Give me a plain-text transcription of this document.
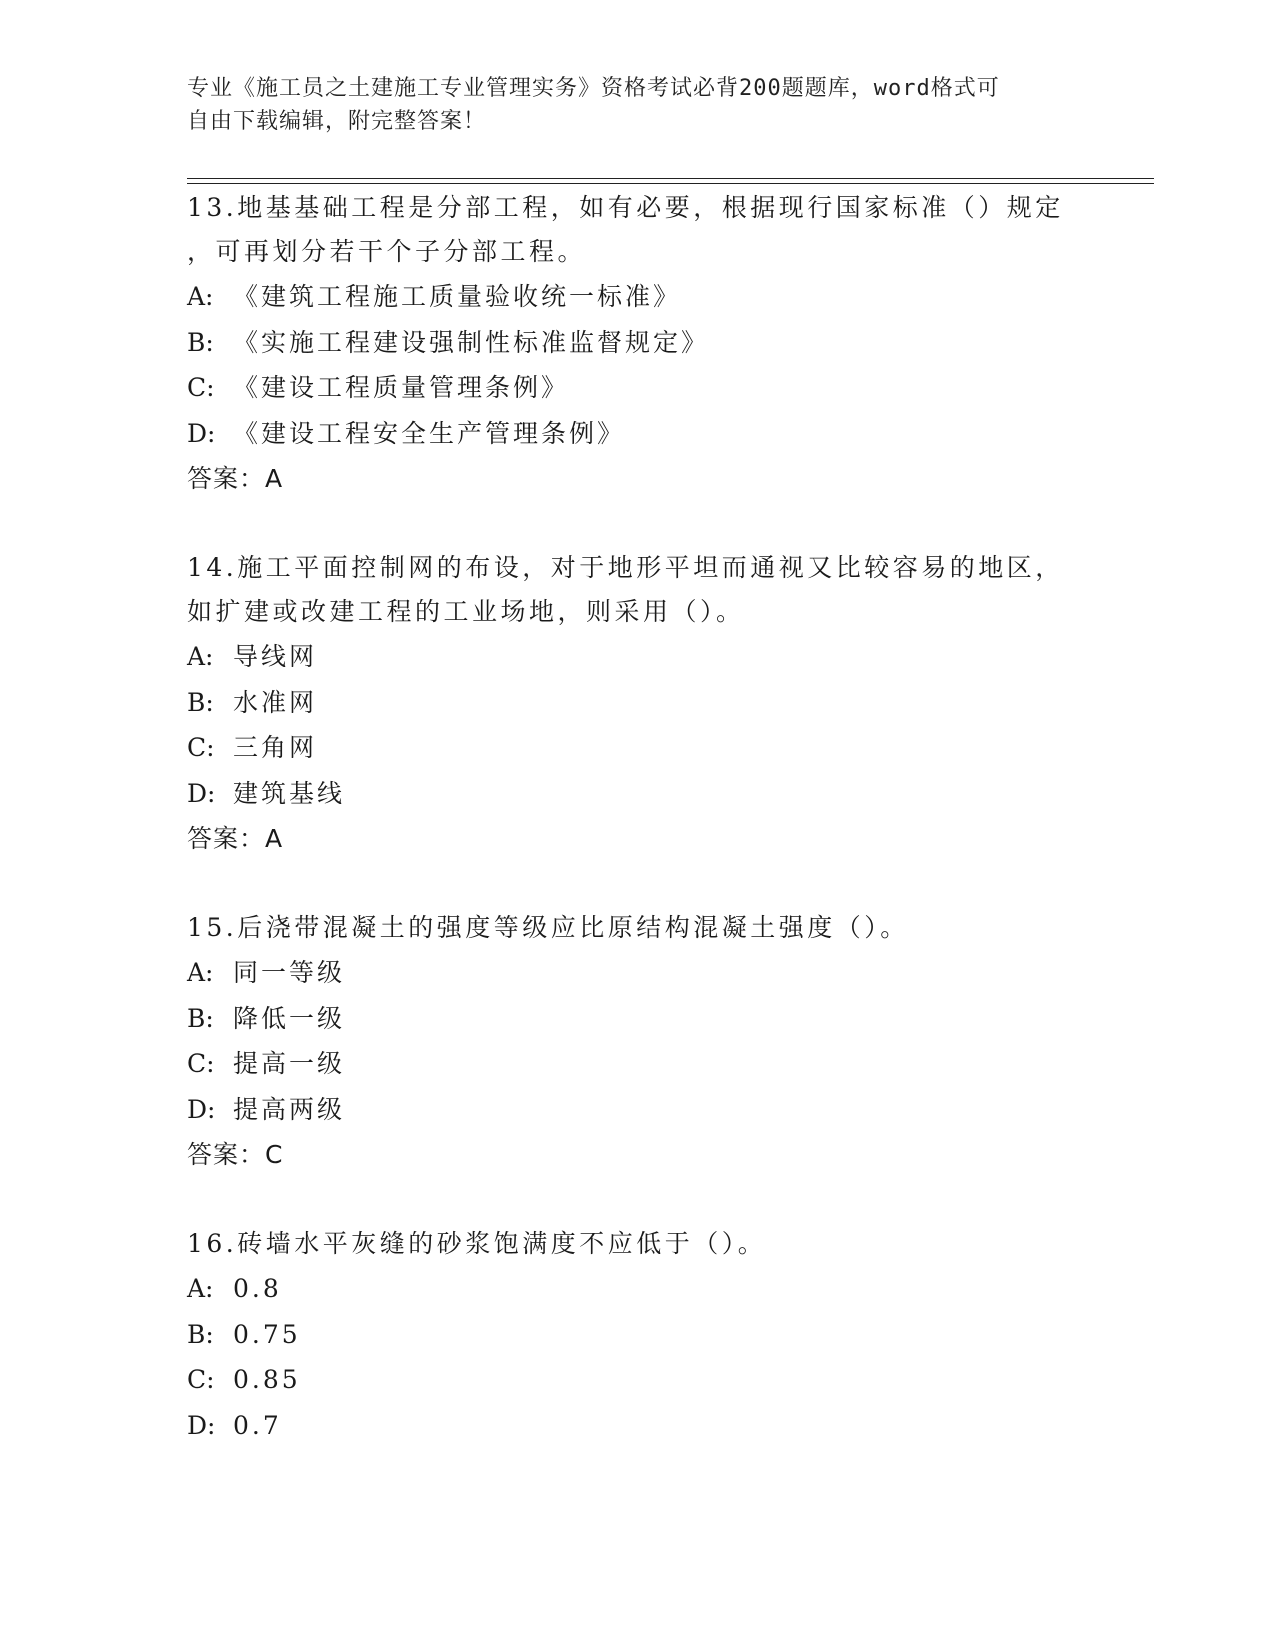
专业《施工员之土建施工专业管理实务》资格考试必背200题题库，word格式可
自由下载编辑，附完整答案！

13.地基基础工程是分部工程，如有必要，根据现行国家标准（）规定

，可再划分若干个子分部工程。

A: 《建筑工程施工质量验收统一标准》

B: 《实施工程建设强制性标准监督规定》

C: 《建设工程质量管理条例》

D: 《建设工程安全生产管理条例》

答案：A

14.施工平面控制网的布设，对于地形平坦而通视又比较容易的地区，

如扩建或改建工程的工业场地，则采用（）。

A: 导线网

B: 水准网

C: 三角网

D: 建筑基线

答案：A

15.后浇带混凝土的强度等级应比原结构混凝土强度（）。

A: 同一等级

B: 降低一级

C: 提高一级

D: 提高两级

答案：C

16.砖墙水平灰缝的砂浆饱满度不应低于（）。

A: 0.8

B: 0.75

C: 0.85

D: 0.7
